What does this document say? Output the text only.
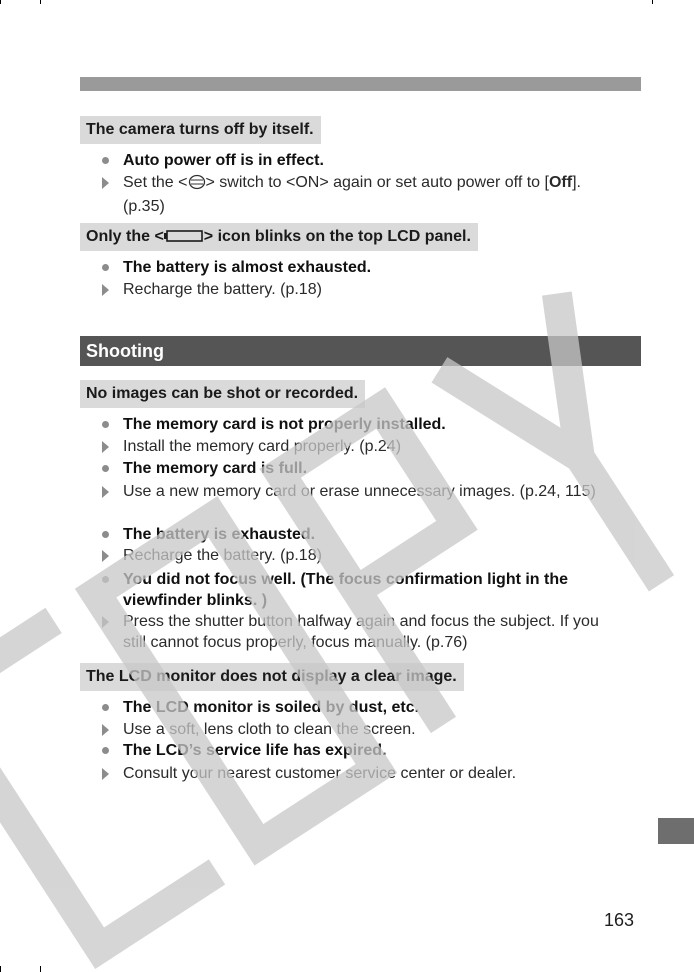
The camera turns off by itself.
Auto power off is in effect.
Set the < > switch to <ON> again or set auto power off to [Off].
(p.35)
Only the <	> icon blinks on the top LCD panel.
The battery is almost exhausted.
Recharge the battery. (p.18)
Shooting
No images can be shot or recorded.
The memory card is not properly installed.
Install the memory card properly. (p.24)
The memory card is full.
Use a new memory card or erase unnecessary images. (p.24, 115)
The battery is exhausted.
Recharge the battery. (p.18)
You did not focus well. (The focus confirmation light in the viewfinder blinks. )
Press the shutter button halfway again and focus the subject. If you still cannot focus properly, focus manually. (p.76)
The LCD monitor does not display a clear image.
The LCD monitor is soiled by dust, etc.
Use a soft, lens cloth to clean the screen.
The LCD’s service life has expired.
Consult your nearest customer service center or dealer.
163
